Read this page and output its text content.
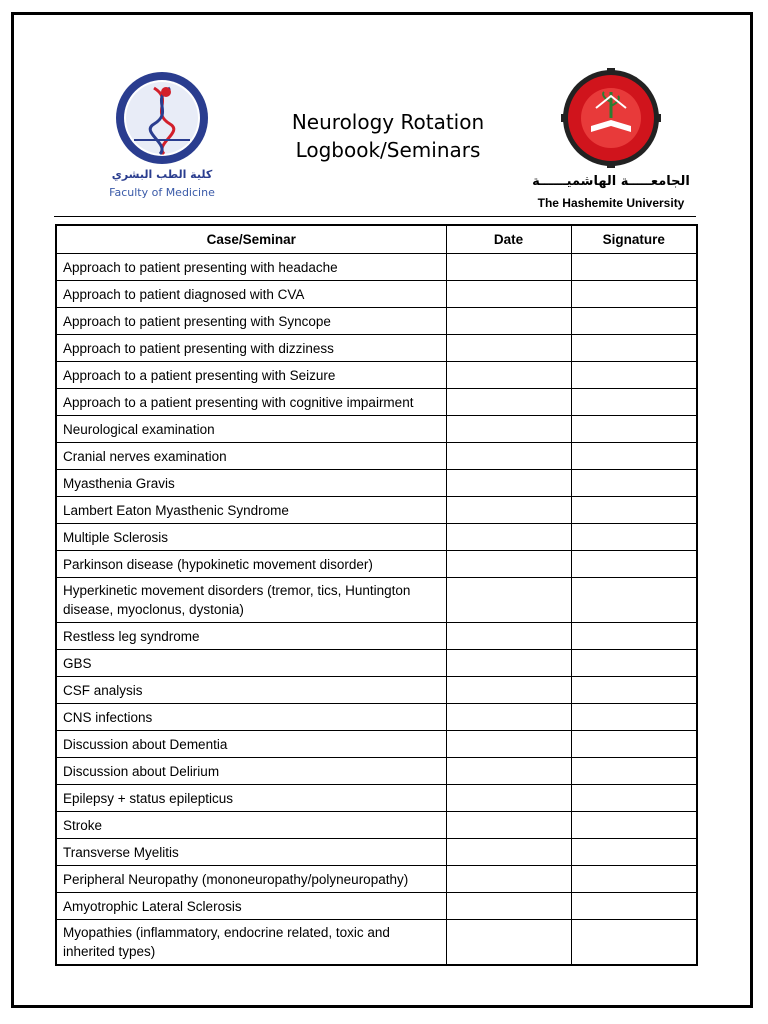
كلية الطب البشري
Faculty of Medicine
Neurology Rotation
Logbook/Seminars
الجامعـــــة الهاشميــــــة
The Hashemite University
Case/Seminar	Date	Signature
Approach to patient presenting with headache		
Approach to patient diagnosed with CVA		
Approach to patient presenting with Syncope		
Approach to patient presenting with dizziness		
Approach to a patient presenting with Seizure		
Approach to a patient presenting with cognitive impairment		
Neurological examination		
Cranial nerves examination		
Myasthenia Gravis		
Lambert Eaton Myasthenic Syndrome		
Multiple Sclerosis		
Parkinson disease (hypokinetic movement disorder)		
Hyperkinetic movement disorders (tremor, tics, Huntington disease, myoclonus, dystonia)		
Restless leg syndrome		
GBS		
CSF analysis		
CNS infections		
Discussion about Dementia		
Discussion about Delirium		
Epilepsy + status epilepticus		
Stroke		
Transverse Myelitis		
Peripheral Neuropathy (mononeuropathy/polyneuropathy)		
Amyotrophic Lateral Sclerosis		
Myopathies (inflammatory, endocrine related, toxic and inherited types)		
